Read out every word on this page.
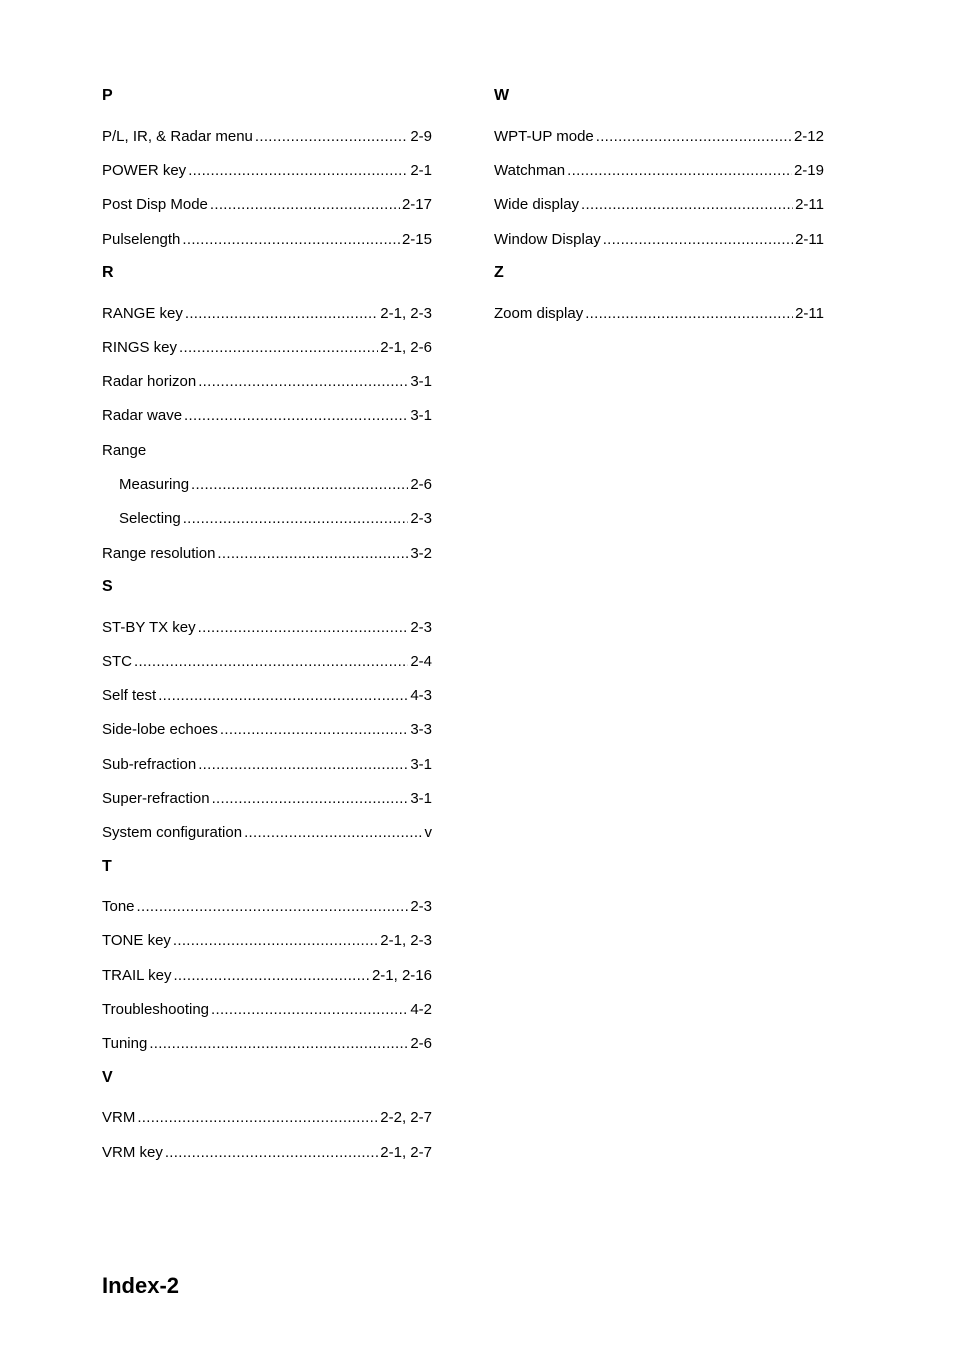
P
P/L, IR, & Radar menu .....	2-9
POWER key .....	2-1
Post Disp Mode .....	2-17
Pulselength .....	2-15
R
RANGE key .....	2-1, 2-3
RINGS key .....	2-1, 2-6
Radar horizon .....	3-1
Radar wave .....	3-1
Range
Measuring .....	2-6
Selecting .....	2-3
Range resolution .....	3-2
S
ST-BY TX key .....	2-3
STC .....	2-4
Self test .....	4-3
Side-lobe echoes .....	3-3
Sub-refraction .....	3-1
Super-refraction .....	3-1
System configuration .....	v
T
Tone .....	2-3
TONE key .....	2-1, 2-3
TRAIL key .....	2-1, 2-16
Troubleshooting .....	4-2
Tuning .....	2-6
V
VRM .....	2-2, 2-7
VRM key .....	2-1, 2-7
W
WPT-UP mode .....	2-12
Watchman .....	2-19
Wide display .....	2-11
Window Display .....	2-11
Z
Zoom display .....	2-11
Index-2
